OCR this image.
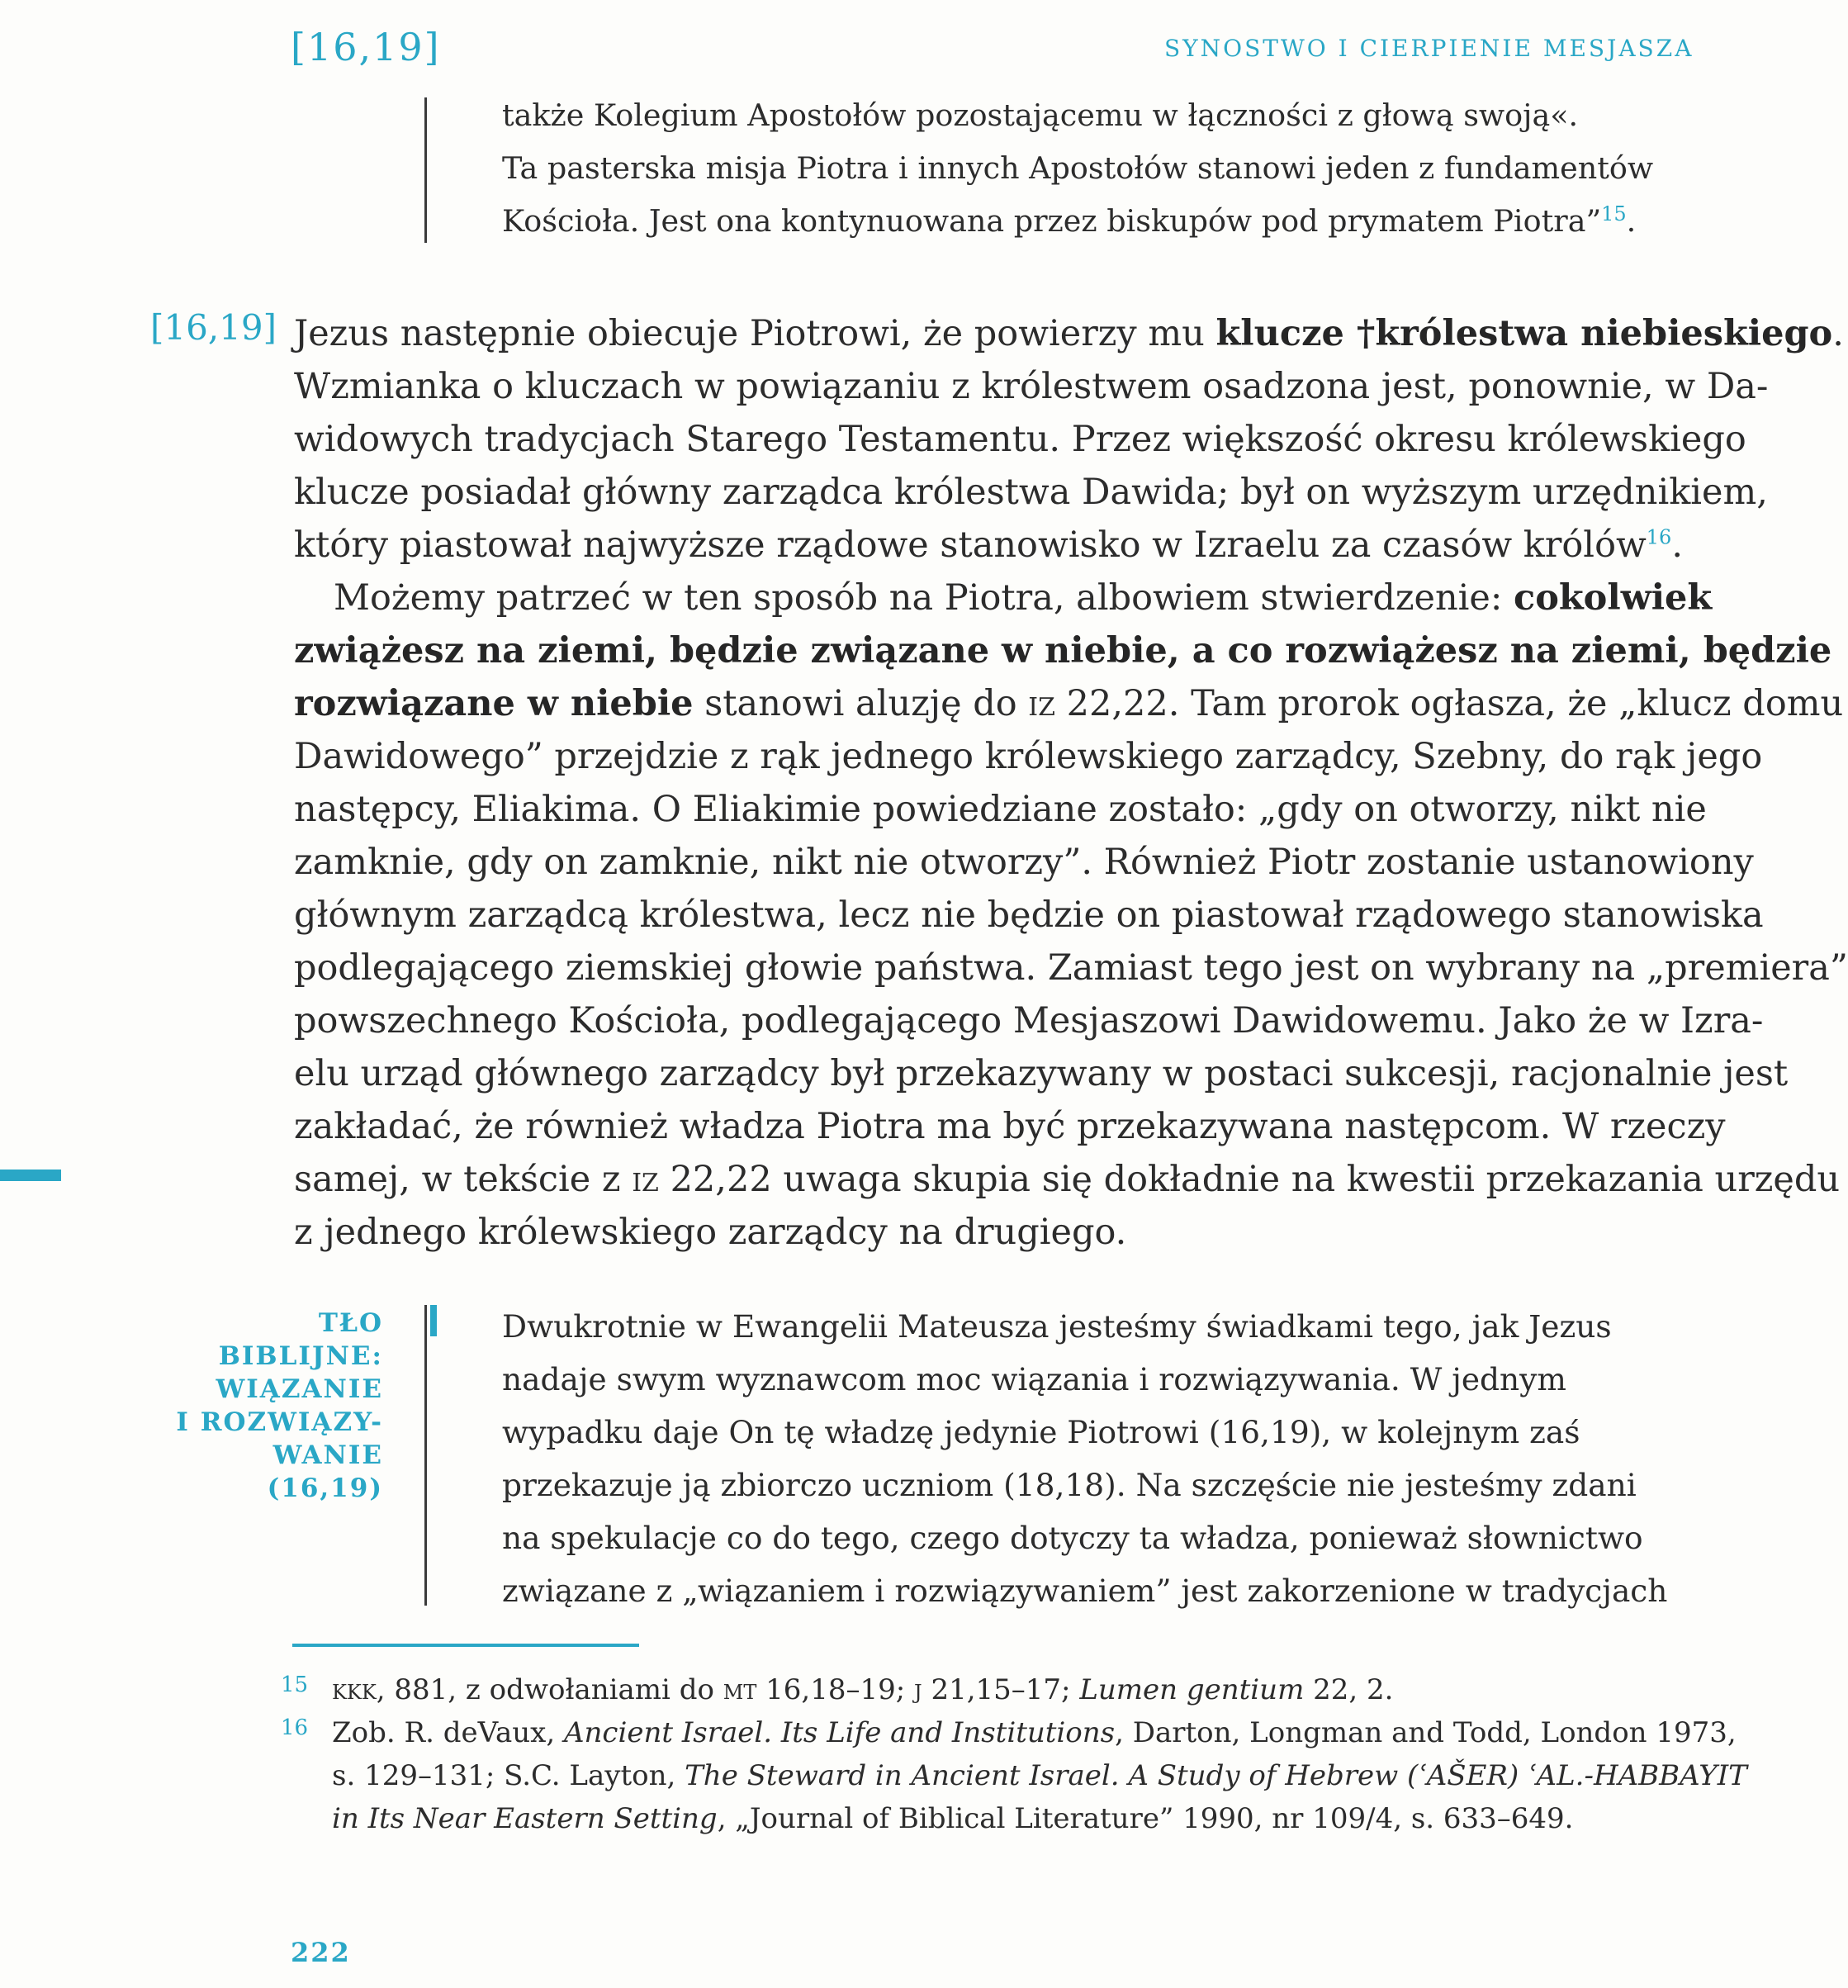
[16,19]	SYNOSTWO I CIERPIENIE MESJASZA
także Kolegium Apostołów pozostającemu w łączności z głową swoją«.
Ta pasterska misja Piotra i innych Apostołów stanowi jeden z fundamentów
Kościoła. Jest ona kontynuowana przez biskupów pod prymatem Piotra”$^{15}$.
[16,19] Jezus następnie obiecuje Piotrowi, że powierzy mu klucze †królestwa niebieskiego.
Wzmianka o kluczach w powiązaniu z królestwem osadzona jest, ponownie, w Da-
widowych tradycjach Starego Testamentu. Przez większość okresu królewskiego
klucze posiadał główny zarządca królestwa Dawida; był on wyższym urzędnikiem,
który piastował najwyższe rządowe stanowisko w Izraelu za czasów królów$^{16}$.
Możemy patrzeć w ten sposób na Piotra, albowiem stwierdzenie: cokolwiek
zwiążesz na ziemi, będzie związane w niebie, a co rozwiążesz na ziemi, będzie
rozwiązane w niebie stanowi aluzję do iz 22,22. Tam prorok ogłasza, że „klucz domu
Dawidowego” przejdzie z rąk jednego królewskiego zarządcy, Szebny, do rąk jego
następcy, Eliakima. O Eliakimie powiedziane zostało: „gdy on otworzy, nikt nie
zamknie, gdy on zamknie, nikt nie otworzy”. Również Piotr zostanie ustanowiony
głównym zarządcą królestwa, lecz nie będzie on piastował rządowego stanowiska
podlegającego ziemskiej głowie państwa. Zamiast tego jest on wybrany na „premiera”
powszechnego Kościoła, podlegającego Mesjaszowi Dawidowemu. Jako że w Izra-
elu urząd głównego zarządcy był przekazywany w postaci sukcesji, racjonalnie jest
zakładać, że również władza Piotra ma być przekazywana następcom. W rzeczy
samej, w tekście z iz 22,22 uwaga skupia się dokładnie na kwestii przekazania urzędu
z jednego królewskiego zarządcy na drugiego.
TŁO BIBLIJNE:
WIĄZANIE
I ROZWIĄZY-
WANIE (16,19)
Dwukrotnie w Ewangelii Mateusza jesteśmy świadkami tego, jak Jezus
nadaje swym wyznawcom moc wiązania i rozwiązywania. W jednym
wypadku daje On tę władzę jedynie Piotrowi (16,19), w kolejnym zaś
przekazuje ją zbiorczo uczniom (18,18). Na szczęście nie jesteśmy zdani
na spekulacje co do tego, czego dotyczy ta władza, ponieważ słownictwo
związane z „wiązaniem i rozwiązywaniem” jest zakorzenione w tradycjach
15 kkk, 881, z odwołaniami do mt 16,18–19; j 21,15–17; Lumen gentium 22, 2.
16 Zob. R. deVaux, Ancient Israel. Its Life and Institutions, Darton, Longman and Todd, London 1973,
s. 129–131; S.C. Layton, The Steward in Ancient Israel. A Study of Hebrew (ʿAŠER) ʿAL.-HABBAYIT
in Its Near Eastern Setting, „Journal of Biblical Literature” 1990, nr 109/4, s. 633–649.
222
